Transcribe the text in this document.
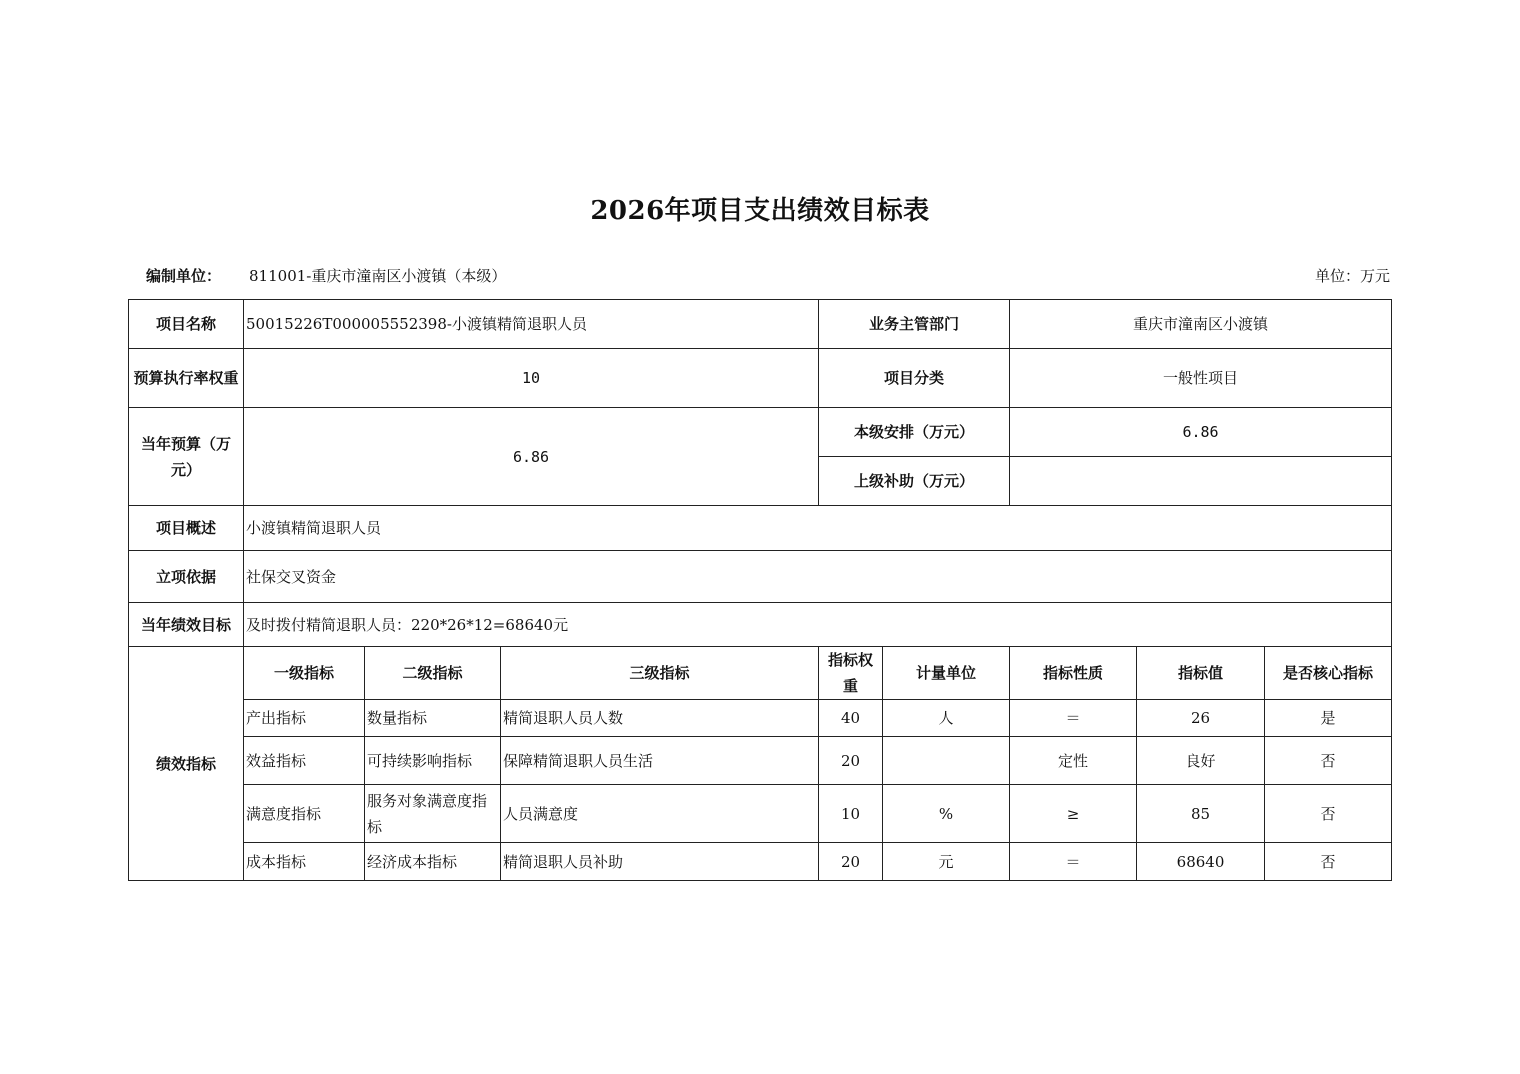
2026年项目支出绩效目标表
编制单位： 811001-重庆市潼南区小渡镇（本级）	单位：万元
项目名称	50015226T000005552398-小渡镇精简退职人员			业务主管部门		重庆市潼南区小渡镇		
预算执行率权重	10			项目分类		一般性项目		
当年预算（万元）	6.86			本级安排（万元）		6.86		
				上级补助（万元）				
项目概述	小渡镇精简退职人员							
立项依据	社保交叉资金							
当年绩效目标	及时拨付精简退职人员：220*26*12=68640元							
绩效指标	一级指标	二级指标	三级指标	指标权重	计量单位	指标性质	指标值	是否核心指标
	产出指标	数量指标	精简退职人员人数	40	人	＝	26	是
	效益指标	可持续影响指标	保障精简退职人员生活	20		定性	良好	否
	满意度指标	服务对象满意度指标	人员满意度	10	%	≥	85	否
	成本指标	经济成本指标	精简退职人员补助	20	元	＝	68640	否
